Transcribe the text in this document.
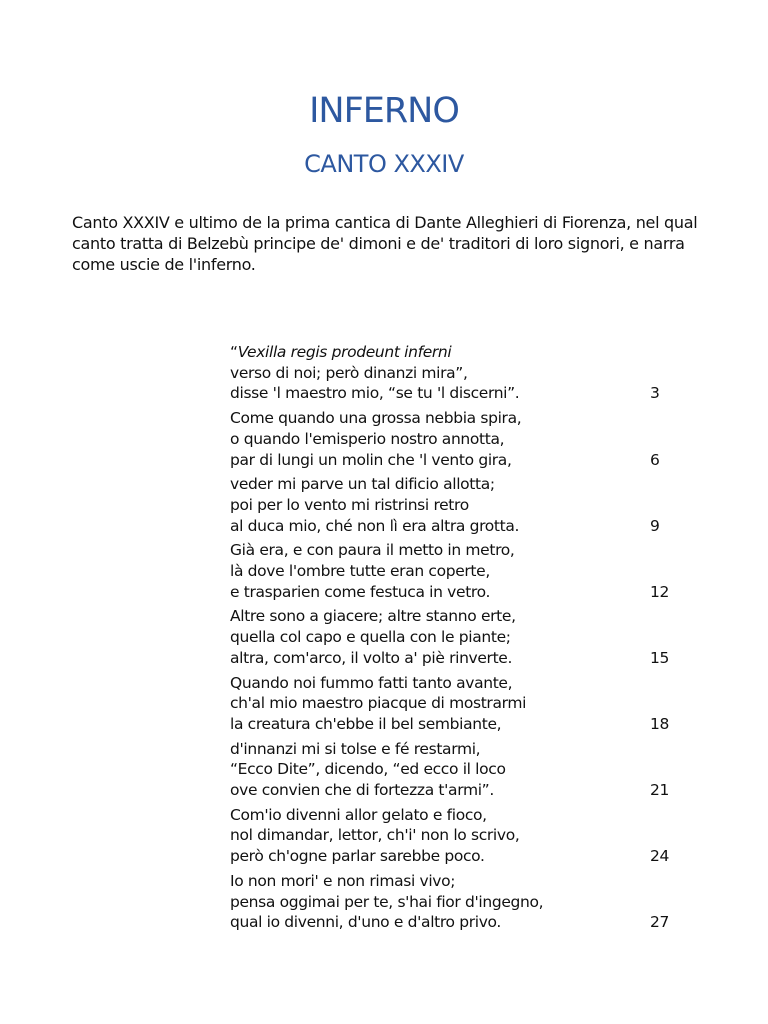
INFERNO
CANTO XXXIV

Canto XXXIV e ultimo de la prima cantica di Dante Alleghieri di Fiorenza, nel qual canto tratta di Belzebù principe de' dimoni e de' traditori di loro signori, e narra come uscie de l'inferno.

“Vexilla regis prodeunt inferni
verso di noi; però dinanzi mira”,
disse 'l maestro mio, “se tu 'l discerni”.	3
Come quando una grossa nebbia spira,
o quando l'emisperio nostro annotta,
par di lungi un molin che 'l vento gira,	6
veder mi parve un tal dificio allotta;
poi per lo vento mi ristrinsi retro
al duca mio, ché non lì era altra grotta.	9
Già era, e con paura il metto in metro,
là dove l'ombre tutte eran coperte,
e trasparien come festuca in vetro.	12
Altre sono a giacere; altre stanno erte,
quella col capo e quella con le piante;
altra, com'arco, il volto a' piè rinverte.	15
Quando noi fummo fatti tanto avante,
ch'al mio maestro piacque di mostrarmi
la creatura ch'ebbe il bel sembiante,	18
d'innanzi mi si tolse e fé restarmi,
“Ecco Dite”, dicendo, “ed ecco il loco
ove convien che di fortezza t'armi”.	21
Com'io divenni allor gelato e fioco,
nol dimandar, lettor, ch'i' non lo scrivo,
però ch'ogne parlar sarebbe poco.	24
Io non mori' e non rimasi vivo;
pensa oggimai per te, s'hai fior d'ingegno,
qual io divenni, d'uno e d'altro privo.	27
